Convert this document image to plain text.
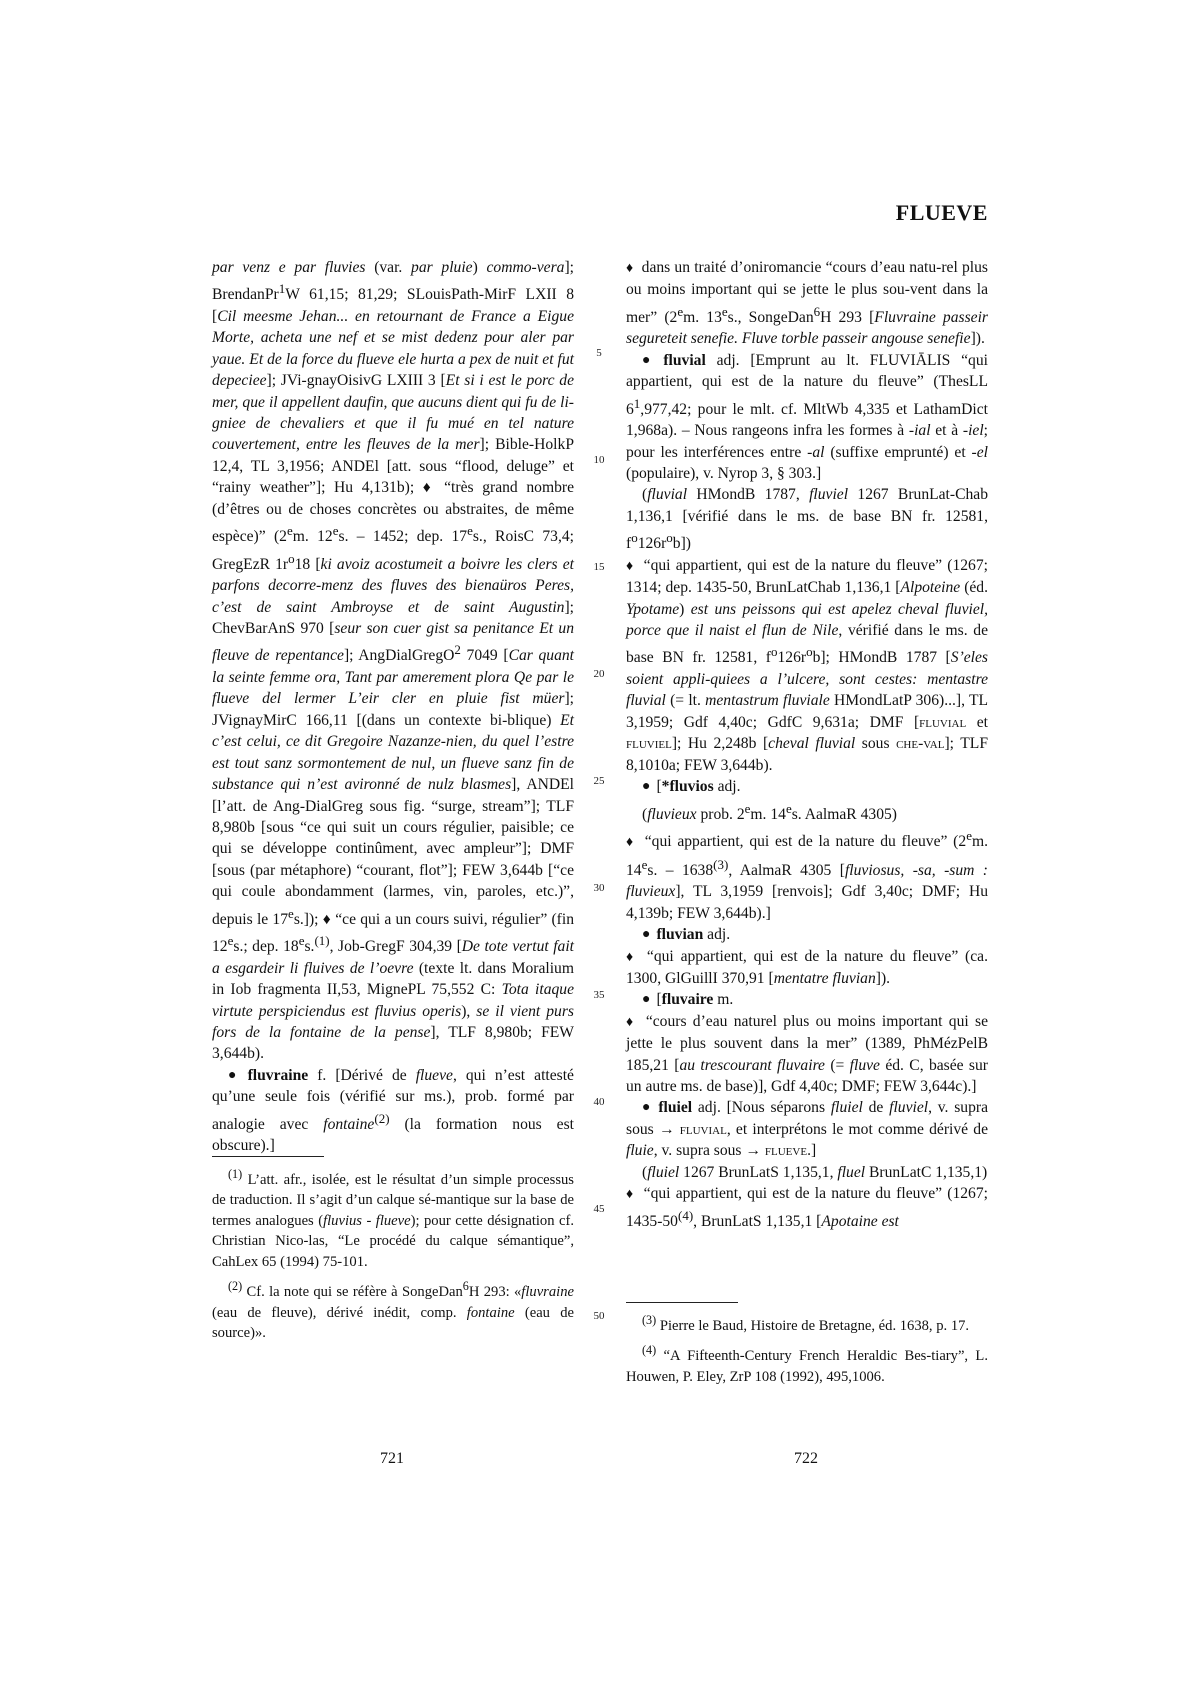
FLUEVE

par venz e par fluvies (var. par pluie) commo-vera]; BrendanPr$^1$W 61,15; 81,29; SLouisPath-MirF LXII 8 [Cil meesme Jehan... en retournant de France a Eigue Morte, acheta une nef et se mist dedenz pour aler par yaue. Et de la force du flueve ele hurta a pex de nuit et fut depeciee]; JVi-gnayOisivG LXIII 3 [Et si i est le porc de mer, que il appellent daufin, que aucuns dient qui fu de li-gniee de chevaliers et que il fu mué en tel nature couvertement, entre les fleuves de la mer]; Bible-HolkP 12,4, TL 3,1956; ANDEl [att. sous “flood, deluge” et “rainy weather”]; Hu 4,131b); ♦ “très grand nombre (d’êtres ou de choses concrètes ou abstraites, de même espèce)” (2em. 12es. – 1452; dep. 17es., RoisC 73,4; GregEzR $1r^o18$ [ki avoiz acostumeit a boivre les clers et parfons decorre-menz des fluves des bienaüros Peres, c’est de saint Ambroyse et de saint Augustin]; ChevBarAnS 970 [seur son cuer gist sa penitance Et un fleuve de repentance]; AngDialGregO$^2$ 7049 [Car quant la seinte femme ora, Tant par amerement plora Qe par le flueve del lermer L’eir cler en pluie fist müer]; JVignayMirC 166,11 [(dans un contexte bi-blique) Et c’est celui, ce dit Gregoire Nazanze-nien, du quel l’estre est tout sanz sormontement de nul, un flueve sanz fin de substance qui n’est avironné de nulz blasmes], ANDEl [l’att. de Ang-DialGreg sous fig. “surge, stream”]; TLF 8,980b [sous “ce qui suit un cours régulier, paisible; ce qui se développe continûment, avec ampleur”]; DMF [sous (par métaphore) “courant, flot”]; FEW 3,644b [“ce qui coule abondamment (larmes, vin, paroles, etc.)”, depuis le 17es.]); ♦ “ce qui a un cours suivi, régulier” (fin 12es.; dep. 18es.$^{(1)}$, Job-GregF 304,39 [De tote vertut fait a esgardeir li fluives de l’oevre (texte lt. dans Moralium in Iob fragmenta II,53, MignePL 75,552 C: Tota itaque virtute perspiciendus est fluvius operis), se il vient purs fors de la fontaine de la pense], TLF 8,980b; FEW 3,644b).

● fluvraine f. [Dérivé de flueve, qui n’est attesté qu’une seule fois (vérifié sur ms.), prob. formé par analogie avec fontaine$^{(2)}$ (la formation nous est obscure).]

$^{(1)}$ L’att. afr., isolée, est le résultat d’un simple processus de traduction. Il s’agit d’un calque sé-mantique sur la base de termes analogues (fluvius - flueve); pour cette désignation cf. Christian Nico-las, “Le procédé du calque sémantique”, CahLex 65 (1994) 75-101.

$^{(2)}$ Cf. la note qui se réfère à SongeDan$^6$H 293: «fluvraine (eau de fleuve), dérivé inédit, comp. fontaine (eau de source)».

5
10
15
20
25
30
35
40
45
50

♦ dans un traité d’oniromancie “cours d’eau natu-rel plus ou moins important qui se jette le plus sou-vent dans la mer” (2em. 13es., SongeDan$^6$H 293 [Fluvraine passeir segureteit senefie. Fluve torble passeir angouse senefie]).

● fluvial adj. [Emprunt au lt. FLUVIĀLIS “qui appartient, qui est de la nature du fleuve” (ThesLL $6^1,977,42$; pour le mlt. cf. MltWb 4,335 et LathamDict 1,968a). – Nous rangeons infra les formes à -ial et à -iel; pour les interférences entre -al (suffixe emprunté) et -el (populaire), v. Nyrop 3, § 303.]

(fluvial HMondB 1787, fluviel 1267 BrunLat-Chab 1,136,1 [vérifié dans le ms. de base BN fr. 12581, $f^o126r^ob$])

♦ “qui appartient, qui est de la nature du fleuve” (1267; 1314; dep. 1435-50, BrunLatChab 1,136,1 [Alpoteine (éd. Ypotame) est uns peissons qui est apelez cheval fluviel, porce que il naist el flun de Nile, vérifié dans le ms. de base BN fr. 12581, $f^o126r^ob$]; HMondB 1787 [S’eles soient appli-quiees a l’ulcere, sont cestes: mentastre fluvial (= lt. mentastrum fluviale HMondLatP 306)...], TL 3,1959; Gdf 4,40c; GdfC 9,631a; DMF [fluvial et fluviel]; Hu 2,248b [cheval fluvial sous che-val]; TLF 8,1010a; FEW 3,644b).

● [*fluvios adj.

(fluvieux prob. 2em. 14es. AalmaR 4305)

♦ “qui appartient, qui est de la nature du fleuve” (2em. 14es. – 1638$^{(3)}$, AalmaR 4305 [fluviosus, -sa, -sum : fluvieux], TL 3,1959 [renvois]; Gdf 3,40c; DMF; Hu 4,139b; FEW 3,644b).]

● fluvian adj.

♦ “qui appartient, qui est de la nature du fleuve” (ca. 1300, GlGuillI 370,91 [mentatre fluvian]).

● [fluvaire m.

♦ “cours d’eau naturel plus ou moins important qui se jette le plus souvent dans la mer” (1389, PhMézPelB 185,21 [au trescourant fluvaire (= fluve éd. C, basée sur un autre ms. de base)], Gdf 4,40c; DMF; FEW 3,644c).]

● fluiel adj. [Nous séparons fluiel de fluviel, v. supra sous → fluvial, et interprétons le mot comme dérivé de fluie, v. supra sous → flueve.]

(fluiel 1267 BrunLatS 1,135,1, fluel BrunLatC 1,135,1)

♦ “qui appartient, qui est de la nature du fleuve” (1267; 1435-50$^{(4)}$, BrunLatS 1,135,1 [Apotaine est

$^{(3)}$ Pierre le Baud, Histoire de Bretagne, éd. 1638, p. 17.

$^{(4)}$ “A Fifteenth-Century French Heraldic Bes-tiary”, L. Houwen, P. Eley, ZrP 108 (1992), 495,1006.

721	722
